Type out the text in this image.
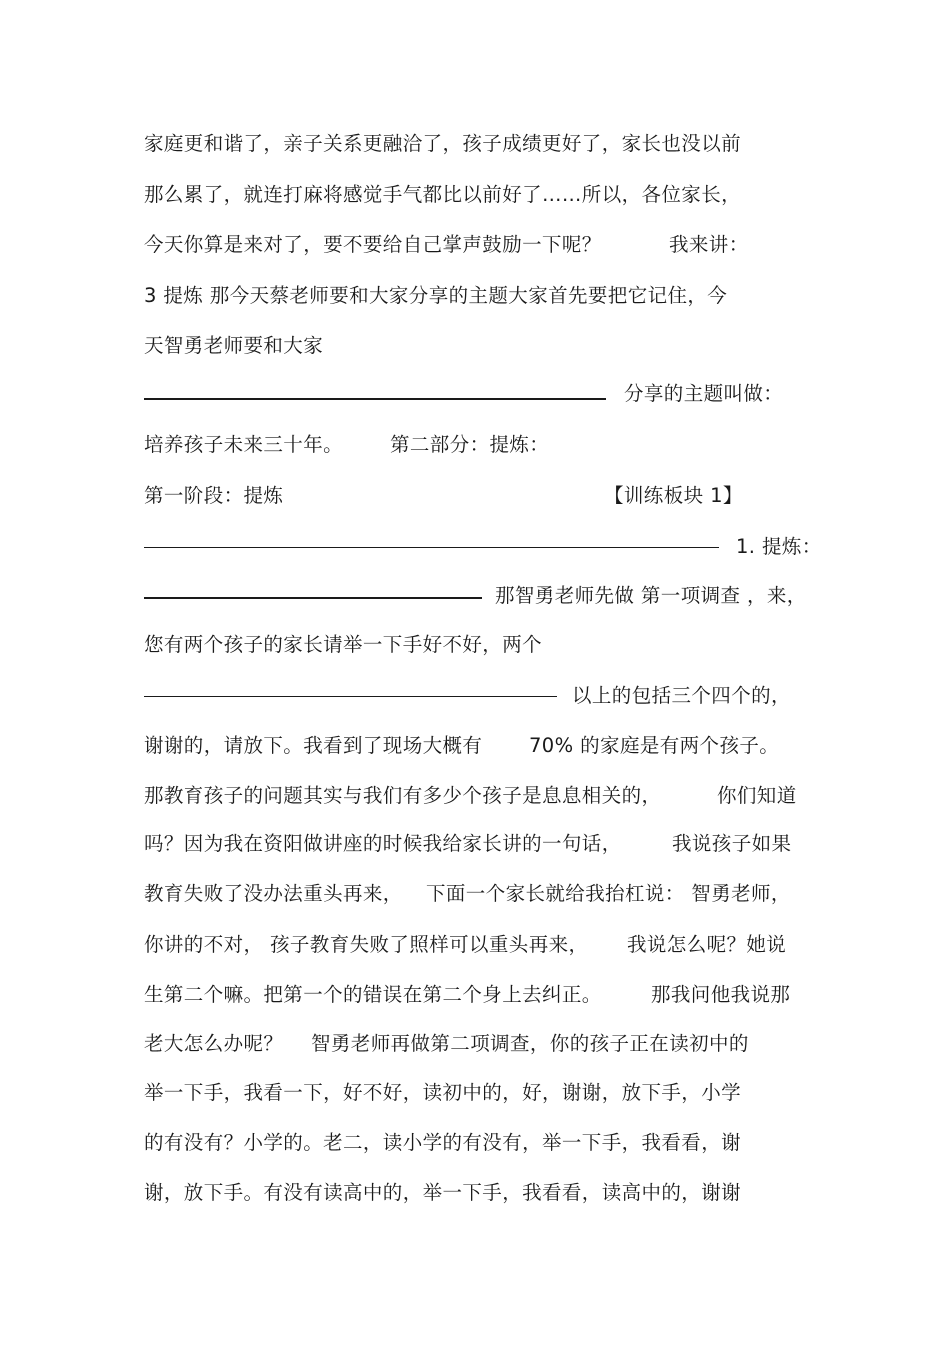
家庭更和谐了，亲子关系更融洽了，孩子成绩更好了，家长也没以前
那么累了，就连打麻将感觉手气都比以前好了……所以，各位家长，
今天你算是来对了，要不要给自己掌声鼓励一下呢？	我来讲：
3 提炼 那今天蔡老师要和大家分享的主题大家首先要把它记住，今
天智勇老师要和大家
分享的主题叫做：
培养孩子未来三十年。 第二部分：提炼：
第一阶段：提炼	【训练板块 1】
1. 提炼：
那智勇老师先做 第一项调查 ，来，
您有两个孩子的家长请举一下手好不好，两个
以上的包括三个四个的，
谢谢的，请放下。我看到了现场大概有 70% 的家庭是有两个孩子。
那教育孩子的问题其实与我们有多少个孩子是息息相关的，	你们知道
吗？因为我在资阳做讲座的时候我给家长讲的一句话，	我说孩子如果
教育失败了没办法重头再来， 下面一个家长就给我抬杠说： 智勇老师，
你讲的不对， 孩子教育失败了照样可以重头再来， 我说怎么呢？她说
生第二个嘛。把第一个的错误在第二个身上去纠正。	那我问他我说那
老大怎么办呢？ 智勇老师再做第二项调查，你的孩子正在读初中的
举一下手，我看一下，好不好，读初中的，好，谢谢，放下手，小学
的有没有？小学的。老二，读小学的有没有，举一下手，我看看，谢
谢，放下手。有没有读高中的，举一下手，我看看，读高中的，谢谢
